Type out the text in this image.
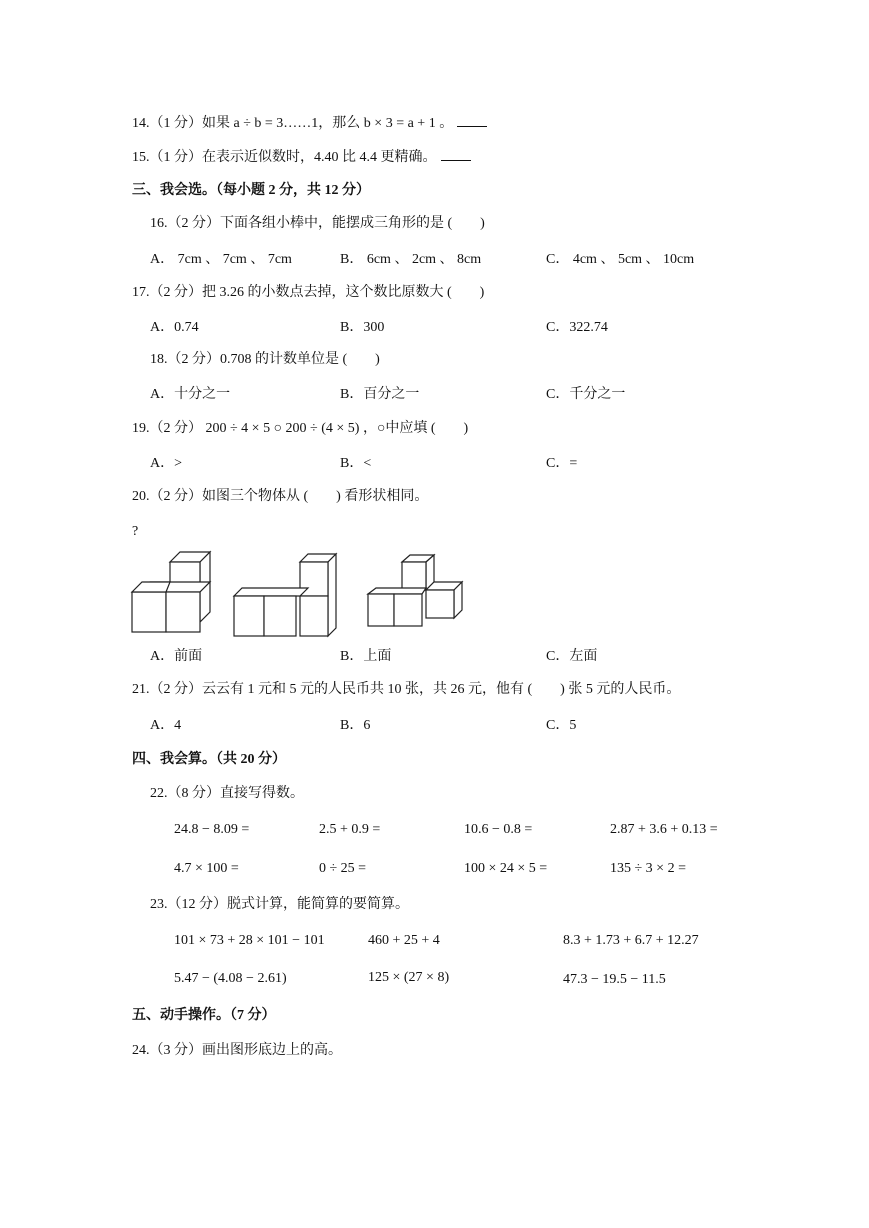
14.（1 分）如果 a ÷ b = 3……1，那么 b × 3 = a + 1 。
15.（1 分）在表示近似数时，4.40 比 4.4 更精确。
三、我会选。（每小题 2 分，共 12 分）
16.（2 分）下面各组小棒中，能摆成三角形的是 (　　)
A． 7cm 、 7cm 、 7cm	B． 6cm 、 2cm 、 8cm	C． 4cm 、 5cm 、 10cm
17.（2 分）把 3.26 的小数点去掉，这个数比原数大 (　　)
A．0.74	B．300	C．322.74
18.（2 分）0.708 的计数单位是 (　　)
A．十分之一	B．百分之一	C．千分之一
19.（2 分） 200 ÷ 4 × 5 ○ 200 ÷ (4 × 5) ，○中应填 (　　)
A．>	B．<	C．=
20.（2 分）如图三个物体从 (　　) 看形状相同。
?
A．前面	B．上面	C．左面
21.（2 分）云云有 1 元和 5 元的人民币共 10 张，共 26 元，他有 (　　) 张 5 元的人民币。
A．4	B．6	C．5
四、我会算。（共 20 分）
22.（8 分）直接写得数。
24.8 − 8.09 =	2.5 + 0.9 =	10.6 − 0.8 =	2.87 + 3.6 + 0.13 =
4.7 × 100 =	0 ÷ 25 =	100 × 24 × 5 =	135 ÷ 3 × 2 =
23.（12 分）脱式计算，能简算的要简算。
101 × 73 + 28 × 101 − 101	460 + 25 + 4	8.3 + 1.73 + 6.7 + 12.27
5.47 − (4.08 − 2.61)	125 × (27 × 8)	47.3 − 19.5 − 11.5
五、动手操作。（7 分）
24.（3 分）画出图形底边上的高。
